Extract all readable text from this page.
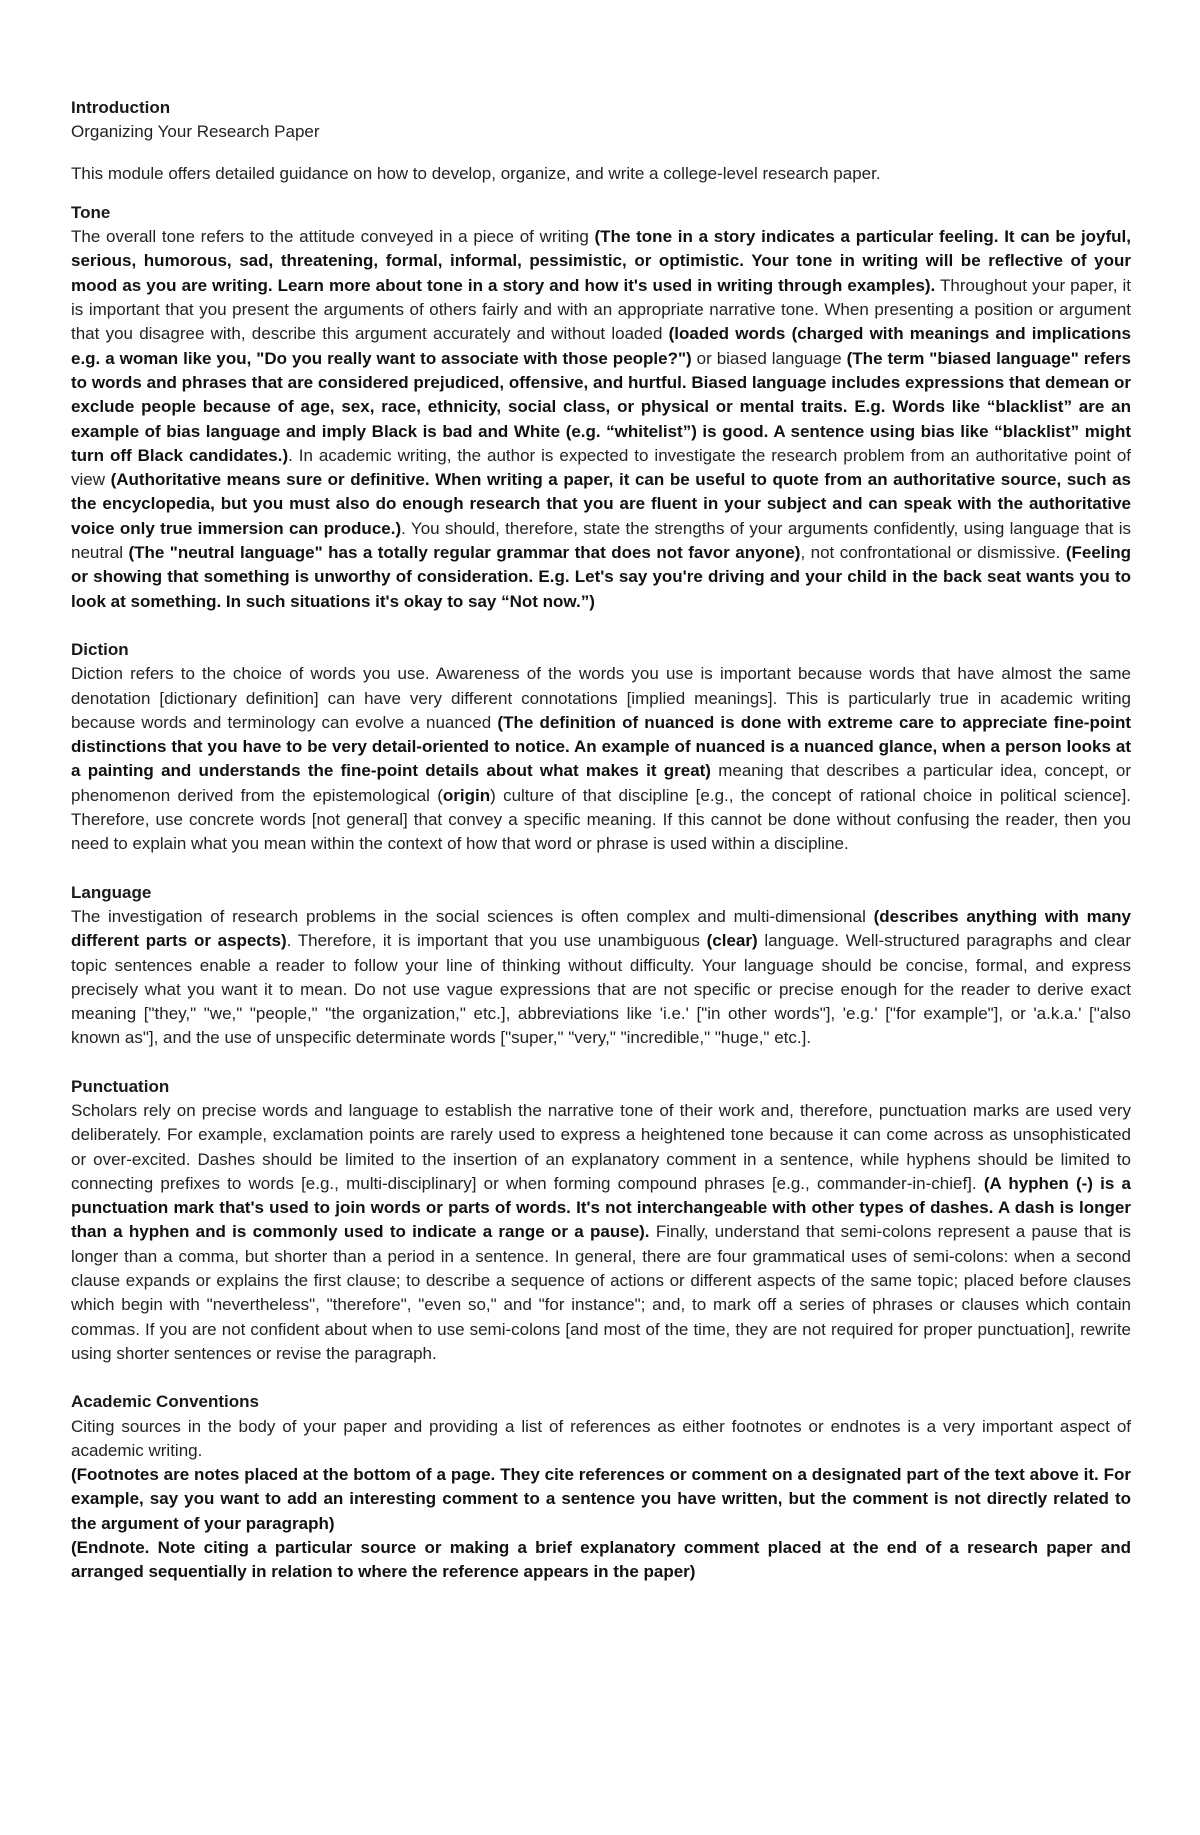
Introduction

Organizing Your Research Paper

This module offers detailed guidance on how to develop, organize, and write a college-level research paper.

Tone

The overall tone refers to the attitude conveyed in a piece of writing (The tone in a story indicates a particular feeling. It can be joyful, serious, humorous, sad, threatening, formal, informal, pessimistic, or optimistic. Your tone in writing will be reflective of your mood as you are writing. Learn more about tone in a story and how it's used in writing through examples). Throughout your paper, it is important that you present the arguments of others fairly and with an appropriate narrative tone. When presenting a position or argument that you disagree with, describe this argument accurately and without loaded (loaded words (charged with meanings and implications e.g. a woman like you, "Do you really want to associate with those people?") or biased language (The term "biased language" refers to words and phrases that are considered prejudiced, offensive, and hurtful. Biased language includes expressions that demean or exclude people because of age, sex, race, ethnicity, social class, or physical or mental traits. E.g. Words like “blacklist” are an example of bias language and imply Black is bad and White (e.g. “whitelist”) is good. A sentence using bias like “blacklist” might turn off Black candidates.). In academic writing, the author is expected to investigate the research problem from an authoritative point of view (Authoritative means sure or definitive. When writing a paper, it can be useful to quote from an authoritative source, such as the encyclopedia, but you must also do enough research that you are fluent in your subject and can speak with the authoritative voice only true immersion can produce.). You should, therefore, state the strengths of your arguments confidently, using language that is neutral (The "neutral language" has a totally regular grammar that does not favor anyone), not confrontational or dismissive. (Feeling or showing that something is unworthy of consideration. E.g. Let's say you're driving and your child in the back seat wants you to look at something. In such situations it's okay to say “Not now.”)

Diction

Diction refers to the choice of words you use. Awareness of the words you use is important because words that have almost the same denotation [dictionary definition] can have very different connotations [implied meanings]. This is particularly true in academic writing because words and terminology can evolve a nuanced (The definition of nuanced is done with extreme care to appreciate fine-point distinctions that you have to be very detail-oriented to notice. An example of nuanced is a nuanced glance, when a person looks at a painting and understands the fine-point details about what makes it great) meaning that describes a particular idea, concept, or phenomenon derived from the epistemological (origin) culture of that discipline [e.g., the concept of rational choice in political science]. Therefore, use concrete words [not general] that convey a specific meaning. If this cannot be done without confusing the reader, then you need to explain what you mean within the context of how that word or phrase is used within a discipline.

Language

The investigation of research problems in the social sciences is often complex and multi-dimensional (describes anything with many different parts or aspects). Therefore, it is important that you use unambiguous (clear) language. Well-structured paragraphs and clear topic sentences enable a reader to follow your line of thinking without difficulty. Your language should be concise, formal, and express precisely what you want it to mean. Do not use vague expressions that are not specific or precise enough for the reader to derive exact meaning ["they," "we," "people," "the organization," etc.], abbreviations like 'i.e.' ["in other words"], 'e.g.' ["for example"], or 'a.k.a.' ["also known as"], and the use of unspecific determinate words ["super," "very," "incredible," "huge," etc.].

Punctuation

Scholars rely on precise words and language to establish the narrative tone of their work and, therefore, punctuation marks are used very deliberately. For example, exclamation points are rarely used to express a heightened tone because it can come across as unsophisticated or over-excited. Dashes should be limited to the insertion of an explanatory comment in a sentence, while hyphens should be limited to connecting prefixes to words [e.g., multi-disciplinary] or when forming compound phrases [e.g., commander-in-chief]. (A hyphen (-) is a punctuation mark that's used to join words or parts of words. It's not interchangeable with other types of dashes. A dash is longer than a hyphen and is commonly used to indicate a range or a pause). Finally, understand that semi-colons represent a pause that is longer than a comma, but shorter than a period in a sentence. In general, there are four grammatical uses of semi-colons: when a second clause expands or explains the first clause; to describe a sequence of actions or different aspects of the same topic; placed before clauses which begin with "nevertheless", "therefore", "even so," and "for instance"; and, to mark off a series of phrases or clauses which contain commas. If you are not confident about when to use semi-colons [and most of the time, they are not required for proper punctuation], rewrite using shorter sentences or revise the paragraph.

Academic Conventions

Citing sources in the body of your paper and providing a list of references as either footnotes or endnotes is a very important aspect of academic writing.

(Footnotes are notes placed at the bottom of a page. They cite references or comment on a designated part of the text above it. For example, say you want to add an interesting comment to a sentence you have written, but the comment is not directly related to the argument of your paragraph)

(Endnote. Note citing a particular source or making a brief explanatory comment placed at the end of a research paper and arranged sequentially in relation to where the reference appears in the paper)
